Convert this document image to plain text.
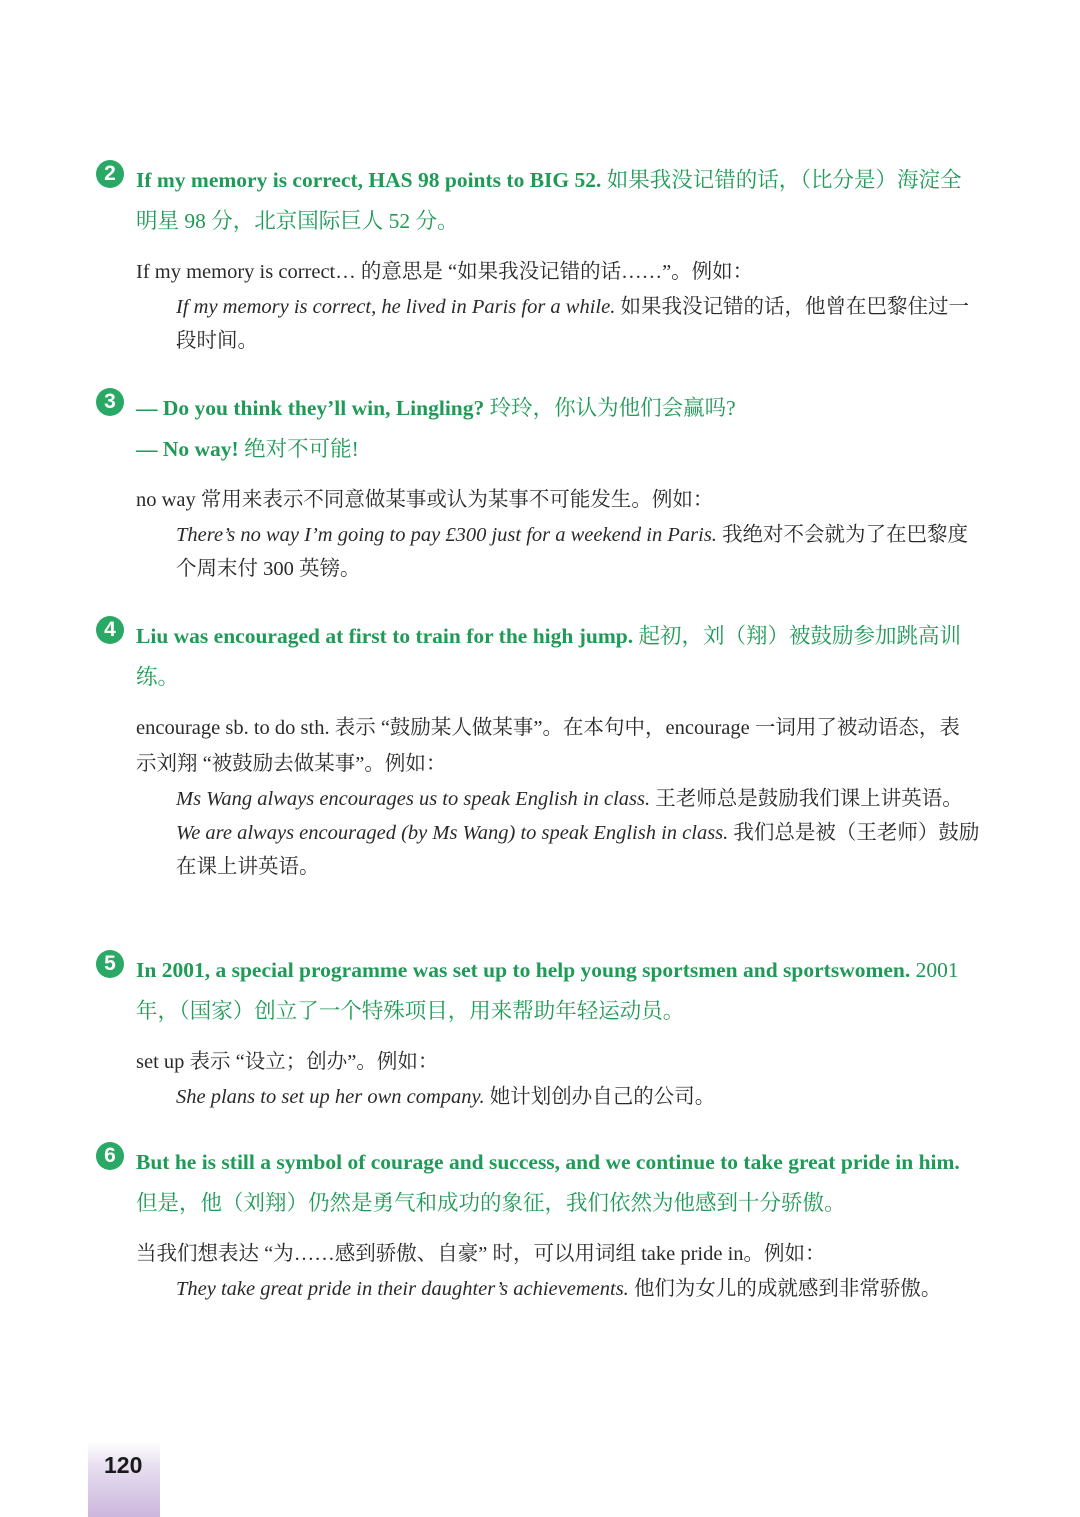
2 If my memory is correct, HAS 98 points to BIG 52. 如果我没记错的话，（比分是）海淀全明星 98 分，北京国际巨人 52 分。
If my memory is correct… 的意思是 “如果我没记错的话……”。例如：
If my memory is correct, he lived in Paris for a while. 如果我没记错的话，他曾在巴黎住过一段时间。
3 — Do you think they’ll win, Lingling? 玲玲，你认为他们会赢吗?
— No way! 绝对不可能!
no way 常用来表示不同意做某事或认为某事不可能发生。例如：
There’s no way I’m going to pay £300 just for a weekend in Paris. 我绝对不会就为了在巴黎度个周末付 300 英镑。
4 Liu was encouraged at first to train for the high jump. 起初，刘（翔）被鼓励参加跳高训练。
encourage sb. to do sth. 表示 “鼓励某人做某事”。在本句中，encourage 一词用了被动语态，表示刘翔 “被鼓励去做某事”。例如：
Ms Wang always encourages us to speak English in class. 王老师总是鼓励我们课上讲英语。
We are always encouraged (by Ms Wang) to speak English in class. 我们总是被（王老师）鼓励在课上讲英语。
5 In 2001, a special programme was set up to help young sportsmen and sportswomen. 2001 年，（国家）创立了一个特殊项目，用来帮助年轻运动员。
set up 表示 “设立；创办”。例如：
She plans to set up her own company. 她计划创办自己的公司。
6 But he is still a symbol of courage and success, and we continue to take great pride in him. 但是，他（刘翔）仍然是勇气和成功的象征，我们依然为他感到十分骄傲。
当我们想表达 “为……感到骄傲、自豪” 时，可以用词组 take pride in。例如：
They take great pride in their daughter’s achievements. 他们为女儿的成就感到非常骄傲。
120
